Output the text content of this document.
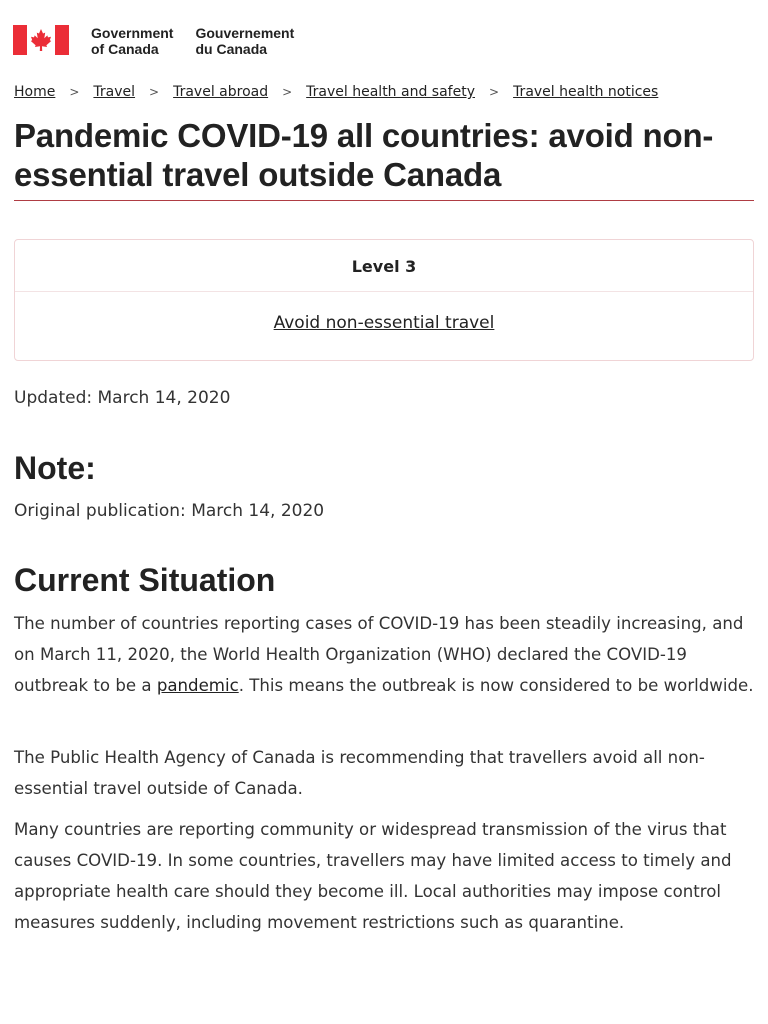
Government
of Canada
Gouvernement
du Canada
Home > Travel > Travel abroad > Travel health and safety > Travel health notices
Pandemic COVID-19 all countries: avoid non-essential travel outside Canada
Level 3
Avoid non-essential travel

Updated: March 14, 2020

Note:

Original publication: March 14, 2020

Current Situation

The number of countries reporting cases of COVID-19 has been steadily increasing, and on March 11, 2020, the World Health Organization (WHO) declared the COVID-19 outbreak to be a pandemic. This means the outbreak is now considered to be worldwide.

The Public Health Agency of Canada is recommending that travellers avoid all non-essential travel outside of Canada.

Many countries are reporting community or widespread transmission of the virus that causes COVID-19. In some countries, travellers may have limited access to timely and appropriate health care should they become ill. Local authorities may impose control measures suddenly, including movement restrictions such as quarantine.
